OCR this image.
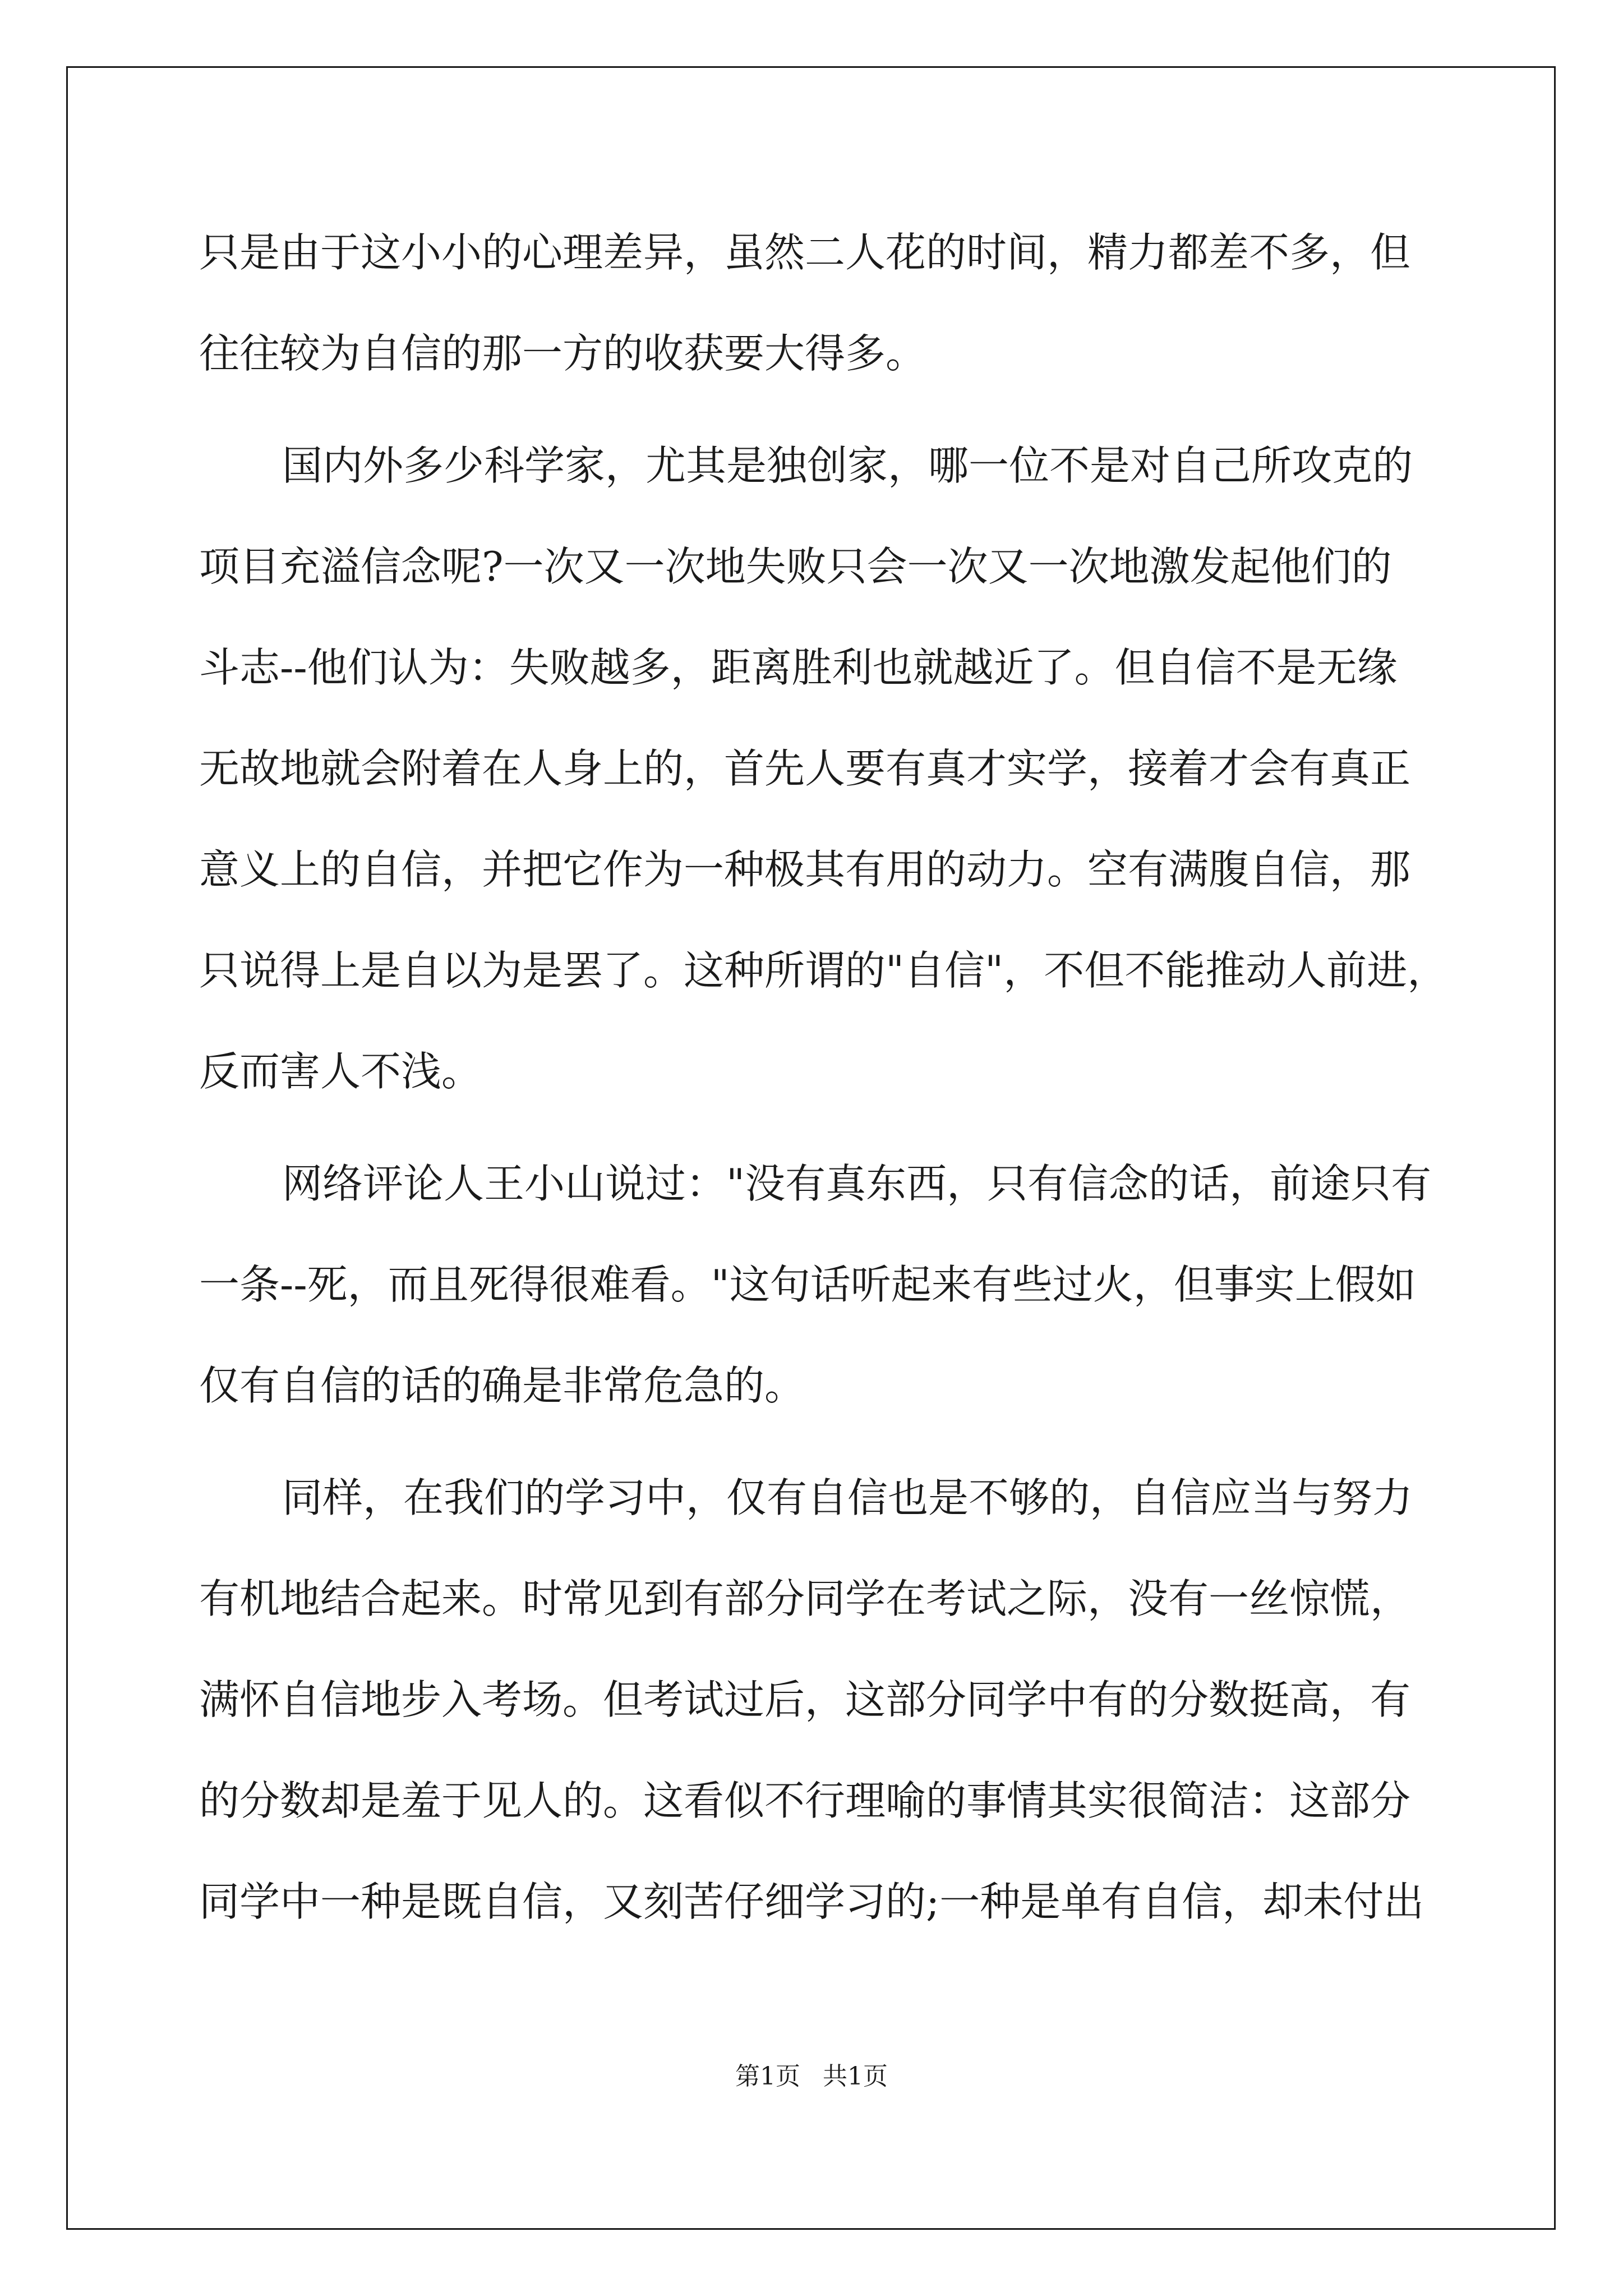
只是由于这小小的心理差异，虽然二人花的时间，精力都差不多，但
往往较为自信的那一方的收获要大得多。
国内外多少科学家，尤其是独创家，哪一位不是对自己所攻克的
项目充溢信念呢?一次又一次地失败只会一次又一次地激发起他们的
斗志--他们认为：失败越多，距离胜利也就越近了。但自信不是无缘
无故地就会附着在人身上的，首先人要有真才实学，接着才会有真正
意义上的自信，并把它作为一种极其有用的动力。空有满腹自信，那
只说得上是自以为是罢了。这种所谓的"自信"，不但不能推动人前进，
反而害人不浅。
网络评论人王小山说过："没有真东西，只有信念的话，前途只有
一条--死，而且死得很难看。"这句话听起来有些过火，但事实上假如
仅有自信的话的确是非常危急的。
同样，在我们的学习中，仅有自信也是不够的，自信应当与努力
有机地结合起来。时常见到有部分同学在考试之际，没有一丝惊慌，
满怀自信地步入考场。但考试过后，这部分同学中有的分数挺高，有
的分数却是羞于见人的。这看似不行理喻的事情其实很简洁：这部分
同学中一种是既自信，又刻苦仔细学习的;一种是单有自信，却未付出
第1页 共1页
